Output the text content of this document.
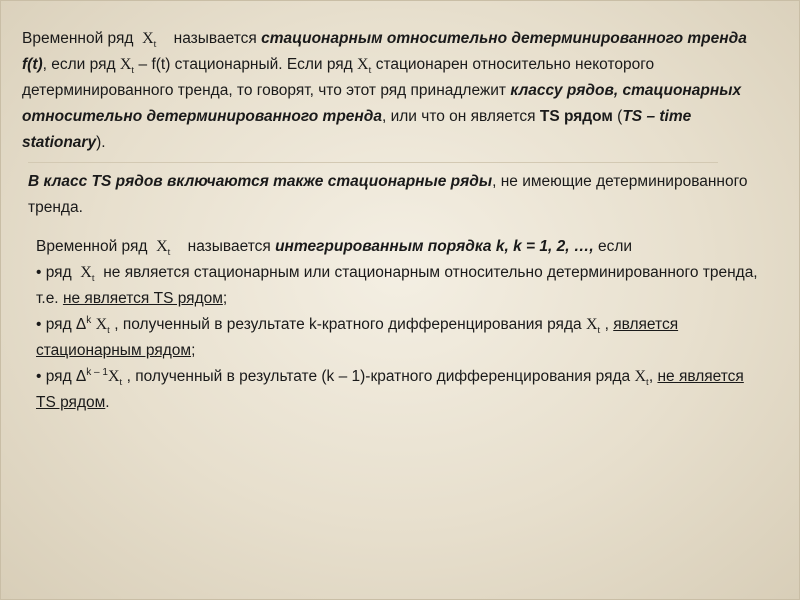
Временной ряд $X_t$ называется стационарным относительно детерминированного тренда f(t), если ряд $X_t - f(t)$ стационарный. Если ряд $X_t$ стационарен относительно некоторого детерминированного тренда, то говорят, что этот ряд принадлежит классу рядов, стационарных относительно детерминированного тренда, или что он является TS рядом (TS – time stationary).

В класс TS рядов включаются также стационарные ряды, не имеющие детерминированного тренда.

Временной ряд $X_t$ называется интегрированным порядка k, k = 1, 2, …, если

• ряд $X_t$ не является стационарным или стационарным относительно детерминированного тренда, т.е. не является TS рядом;

• ряд $\Delta^k$ $X_t$ , полученный в результате k-кратного дифференцирования ряда $X_t$ , является стационарным рядом;

• ряд $\Delta^{k - 1}X_t$ , полученный в результате (k – 1)-кратного дифференцирования ряда $X_t$, не является TS рядом.
